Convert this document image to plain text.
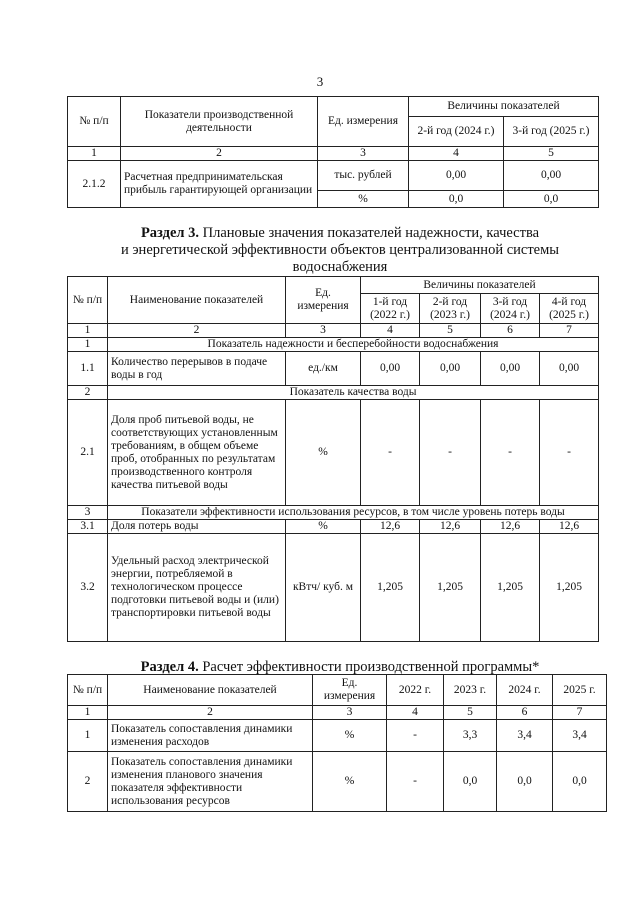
3
№ п/п	Показатели производственной деятельности	Ед. измерения	Величины показателей	
			2-й год (2024 г.)	3-й год (2025 г.)
1	2	3	4	5
2.1.2	Расчетная предпринимательская прибыль гарантирующей организации	тыс. рублей	0,00	0,00
		%	0,0	0,0
Раздел 3. Плановые значения показателей надежности, качества
и энергетической эффективности объектов централизованной системы
водоснабжения
№ п/п	Наименование показателей	Ед. измерения	Величины показателей			
			1-й год (2022 г.)	2-й год (2023 г.)	3-й год (2024 г.)	4-й год (2025 г.)
1	2	3	4	5	6	7
1	Показатель надежности и бесперебойности водоснабжения					
1.1	Количество перерывов в подаче воды в год	ед./км	0,00	0,00	0,00	0,00
2	Показатель качества воды					
2.1	Доля проб питьевой воды, не соответствующих установленным требованиям, в общем объеме проб, отобранных по результатам производственного контроля качества питьевой воды	%	-	-	-	-
3	Показатели эффективности использования ресурсов, в том числе уровень потерь воды					
3.1	Доля потерь воды	%	12,6	12,6	12,6	12,6
3.2	Удельный расход электрической энергии, потребляемой в технологическом процессе подготовки питьевой воды и (или) транспортировки питьевой воды	кВтч/ куб. м	1,205	1,205	1,205	1,205
Раздел 4. Расчет эффективности производственной программы*
№ п/п	Наименование показателей	Ед. измерения	2022 г.	2023 г.	2024 г.	2025 г.
1	2	3	4	5	6	7
1	Показатель сопоставления динамики изменения расходов	%	-	3,3	3,4	3,4
2	Показатель сопоставления динамики изменения планового значения показателя эффективности использования ресурсов	%	-	0,0	0,0	0,0
